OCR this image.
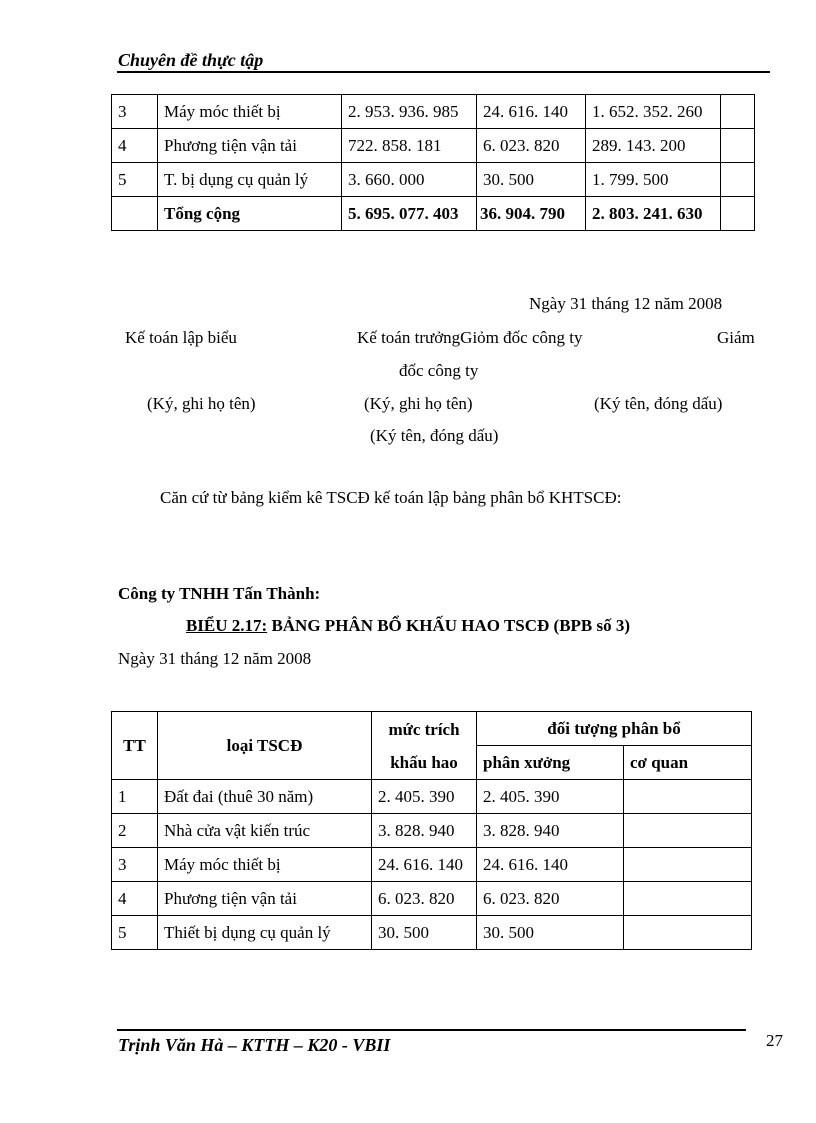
Chuyên đề thực tập
3	Máy móc thiết bị	2. 953. 936. 985	24. 616. 140	1. 652. 352. 260	
4	Phương tiện vận tải	722. 858. 181	6. 023. 820	289. 143. 200	
5	T. bị dụng cụ quản lý	3. 660. 000	30. 500	1. 799. 500	
	Tổng cộng	5. 695. 077. 403	36. 904. 790	2. 803. 241. 630	
Ngày 31 tháng 12 năm 2008
Kế toán lập biểu	Kế toán trưởngGiỏm đốc công ty	Giám
đốc công ty
(Ký, ghi họ tên)	(Ký, ghi họ tên)	(Ký tên, đóng dấu)
(Ký tên, đóng dấu)
Căn cứ từ bảng kiểm kê TSCĐ kế toán lập bảng phân bổ KHTSCĐ:
Công ty TNHH Tấn Thành:
BIỂU 2.17: BẢNG PHÂN BỔ KHẤU HAO TSCĐ (BPB số 3)
Ngày 31 tháng 12 năm 2008
TT	loại TSCĐ	mức trích khấu hao	đối tượng phân bổ	
			phân xưởng	cơ quan
1	Đất đai (thuê 30 năm)	2. 405. 390	2. 405. 390	
2	Nhà cửa vật kiến trúc	3. 828. 940	3. 828. 940	
3	Máy móc thiết bị	24. 616. 140	24. 616. 140	
4	Phương tiện vận tải	6. 023. 820	6. 023. 820	
5	Thiết bị dụng cụ quản lý	30. 500	30. 500	
Trịnh Văn Hà – KTTH – K20 - VBII	27
